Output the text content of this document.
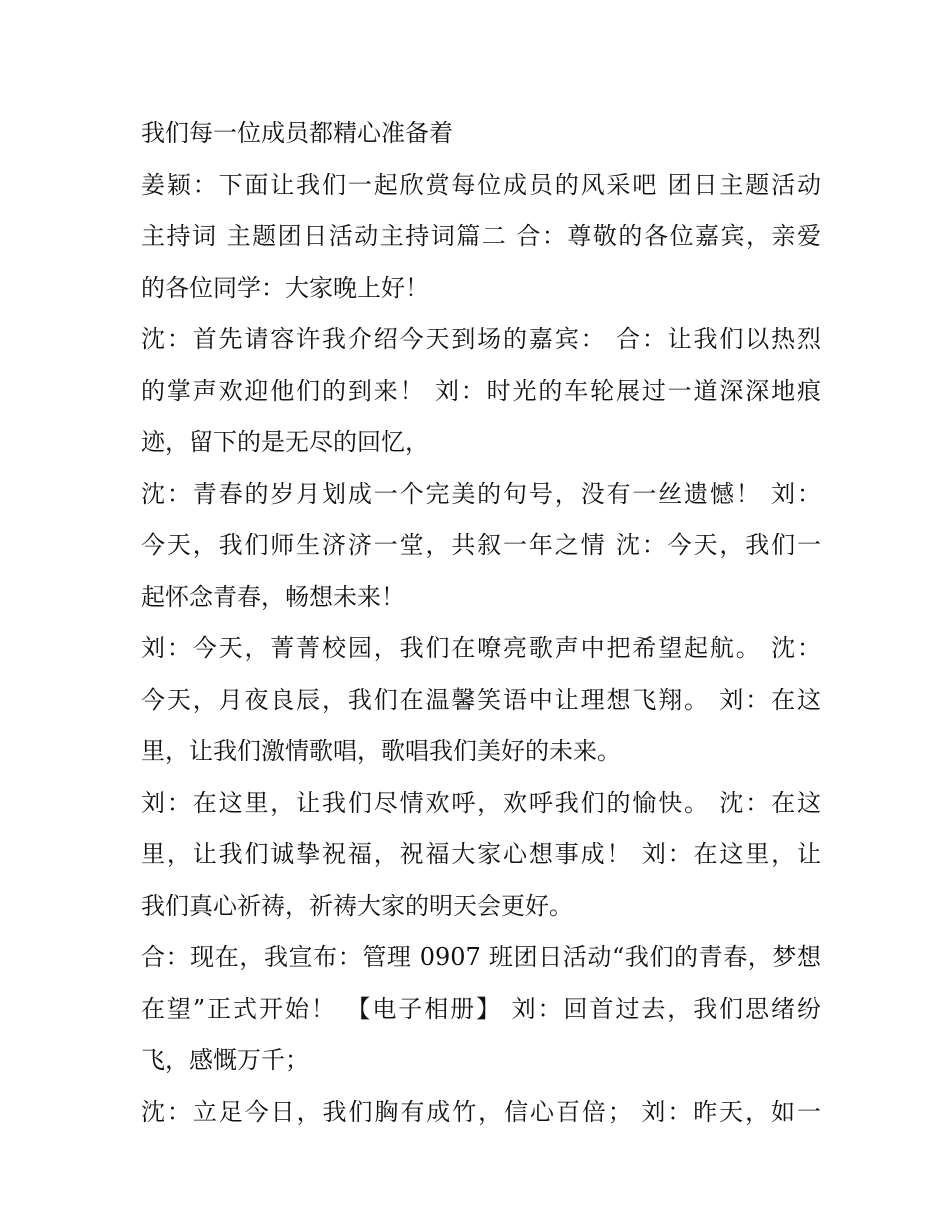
我们每一位成员都精心准备着
姜颖：下面让我们一起欣赏每位成员的风采吧 团日主题活动
主持词 主题团日活动主持词篇二 合：尊敬的各位嘉宾，亲爱
的各位同学：大家晚上好！
沈：首先请容许我介绍今天到场的嘉宾： 合：让我们以热烈
的掌声欢迎他们的到来！ 刘：时光的车轮展过一道深深地痕
迹，留下的是无尽的回忆，
沈：青春的岁月划成一个完美的句号，没有一丝遗憾！ 刘：
今天，我们师生济济一堂，共叙一年之情 沈：今天，我们一
起怀念青春，畅想未来！
刘：今天，菁菁校园，我们在嘹亮歌声中把希望起航。 沈：
今天，月夜良辰，我们在温馨笑语中让理想飞翔。 刘：在这
里，让我们激情歌唱，歌唱我们美好的未来。
刘：在这里，让我们尽情欢呼，欢呼我们的愉快。 沈：在这
里，让我们诚挚祝福，祝福大家心想事成！ 刘：在这里，让
我们真心祈祷，祈祷大家的明天会更好。
合：现在，我宣布：管理 0907 班团日活动“我们的青春，梦想
在望”正式开始！ 【电子相册】 刘：回首过去，我们思绪纷
飞，感慨万千；
沈：立足今日，我们胸有成竹，信心百倍； 刘：昨天，如一
